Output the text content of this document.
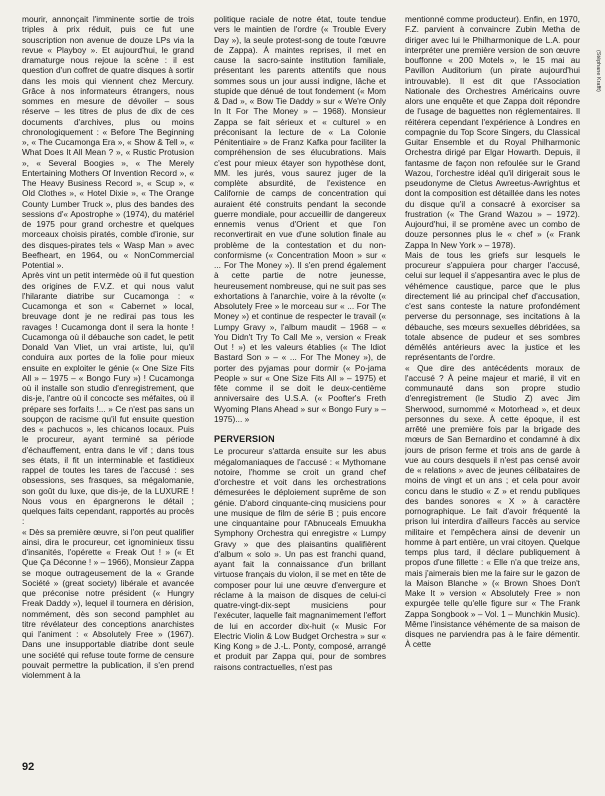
mourir, annonçait l'imminente sortie de trois triples à prix réduit, puis ce fut une souscription non avenue de douze LPs via la revue « Playboy ». Et aujourd'hui, le grand dramaturge nous rejoue la scène : il est question d'un coffret de quatre disques à sortir dans les mois qui viennent chez Mercury. Grâce à nos informateurs étrangers, nous sommes en mesure de dévoiler – sous réserve – les titres de plus de dix de ces documents d'archives, plus ou moins chronologiquement : « Before The Beginning », « The Cucamonga Era », « Show & Tell », « What Does It All Mean ? », « Rustic Protusion », « Several Boogies », « The Merely Entertaining Mothers Of Invention Record », « The Heavy Business Record », « Scup », « Old Clothes », « Hotel Dixie », « The Orange County Lumber Truck », plus des bandes des sessions d'« Apostrophe » (1974), du matériel de 1975 pour grand orchestre et quelques morceaux choisis piratés, comble d'ironie, sur des disques-pirates tels « Wasp Man » avec Beefheart, en 1964, ou « NonCommercial Potential ».

Après vint un petit intermède où il fut question des origines de F.V.Z. et qui nous valut l'hilarante diatribe sur Cucamonga : « Cucamonga et son « Cabernet » local, breuvage dont je ne redirai pas tous les ravages ! Cucamonga dont il sera la honte ! Cucamonga où il débauche son cadet, le petit Donald Van Vliet, un vrai artiste, lui, qu'il conduira aux portes de la folie pour mieux ensuite en exploiter le génie (« One Size Fits All » – 1975 – « Bongo Fury ») ! Cucamonga où il installe son studio d'enregistrement, que dis-je, l'antre où il concocte ses méfaites, où il prépare ses forfaits !... » Ce n'est pas sans un soupçon de racisme qu'il fut ensuite question des « pachucos », les chicanos locaux. Puis le procureur, ayant terminé sa période d'échauffement, entra dans le vif ; dans tous ses états, il fit un interminable et fastidieux rappel de toutes les tares de l'accusé : ses obsessions, ses frasques, sa mégalomanie, son goût du luxe, que dis-je, de la LUXURE ! Nous vous en épargnerons le détail ; quelques faits cependant, rapportés au procès :

« Dès sa première œuvre, si l'on peut qualifier ainsi, dira le procureur, cet ignominieux tissu d'insanités, l'opérette « Freak Out ! » (« Et Que Ça Déconne ! » – 1966), Monsieur Zappa se moque outrageusement de la « Grande Société » (great society) libérale et avancée que préconise notre président (« Hungry Freak Daddy »), lequel il tournera en dérision, nommément, dès son second pamphlet au titre révélateur des conceptions anarchistes qui l'animent : « Absolutely Free » (1967). Dans une insupportable diatribe dont seule une société qui refuse toute forme de censure pouvait permettre la publication, il s'en prend violemment à la

politique raciale de notre état, toute tendue vers le maintien de l'ordre (« Trouble Every Day »), la seule protest-song de toute l'œuvre de Zappa). À maintes reprises, il met en cause la sacro-sainte institution familiale, présentant les parents attentifs que nous sommes sous un jour aussi indigne, lâche et stupide que dénué de tout fondement (« Mom & Dad », « Bow Tie Daddy » sur « We're Only In It For The Money » – 1968). Monsieur Zappa se fait sérieux et « culturel » en préconisant la lecture de « La Colonie Pénitentiaire » de Franz Kafka pour faciliter la compréhension de ses élucubrations. Mais c'est pour mieux étayer son hypothèse dont, MM. les jurés, vous saurez juger de la complète absurdité, de l'existence en Californie de camps de concentration qui auraient été construits pendant la seconde guerre mondiale, pour accueillir de dangereux ennemis venus d'Orient et que l'on reconvertirait en vue d'une solution finale au problème de la contestation et du non-conformisme (« Concentration Moon » sur « ... For The Money »). Il s'en prend également à cette partie de notre jeunesse, heureusement nombreuse, qui ne suit pas ses exhortations à l'anarchie, voire à la révolte (« Absolutely Free » le morceau sur « ... For The Money ») et continue de respecter le travail (« Lumpy Gravy », l'album maudit – 1968 – « You Didn't Try To Call Me », version « Freak Out ! ») et les valeurs établies (« The Idiot Bastard Son » – « ... For The Money »), de porter des pyjamas pour dormir (« Po-jama People » sur « One Size Fits All » – 1975) et fête comme il se doit le deux-centième anniversaire des U.S.A. (« Poofter's Freth Wyoming Plans Ahead » sur « Bongo Fury » – 1975)... »

PERVERSION

Le procureur s'attarda ensuite sur les abus mégalomaniaques de l'accusé : « Mythomane notoire, l'homme se croit un grand chef d'orchestre et voit dans les orchestrations démesurées le déploiement suprême de son génie. D'abord cinquante-cinq musiciens pour une musique de film de série B ; puis encore une cinquantaine pour l'Abnuceals Emuukha Symphony Orchestra qui enregistre « Lumpy Gravy » que des plaisantins qualifièrent d'album « solo ». Un pas est franchi quand, ayant fait la connaissance d'un brillant virtuose français du violon, il se met en tête de composer pour lui une œuvre d'envergure et réclame à la maison de disques de celui-ci quatre-vingt-dix-sept musiciens pour l'exécuter, laquelle fait magnanimement l'effort de lui en accorder dix-huit (« Music For Electric Violin & Low Budget Orchestra » sur « King Kong » de J.-L. Ponty, composé, arrangé et produit par Zappa qui, pour de sombres raisons contractuelles, n'est pas

mentionné comme producteur). Enfin, en 1970, F.Z. parvient à convaincre Zubin Metha de diriger avec lui le Philharmonique de L.A. pour interpréter une première version de son œuvre bouffonne « 200 Motels », le 15 mai au Pavillon Auditorium (un pirate aujourd'hui introuvable). Il est dit que l'Association Nationale des Orchestres Américains ouvre alors une enquête et que Zappa doit répondre de l'usage de baguettes non réglementaires. Il réitérera cependant l'expérience à Londres en compagnie du Top Score Singers, du Classical Guitar Ensemble et du Royal Philharmonic Orchestra dirigé par Elgar Howarth. Depuis, il fantasme de façon non refoulée sur le Grand Wazou, l'orchestre idéal qu'il dirigerait sous le pseudonyme de Cletus Awreetus-Awrightus et dont la composition est détaillée dans les notes du disque qu'il a consacré à exorciser sa frustration (« The Grand Wazou » – 1972). Aujourd'hui, il se promène avec un combo de douze personnes plus le « chef » (« Frank Zappa In New York » – 1978).

Mais de tous les griefs sur lesquels le procureur s'appuiera pour charger l'accusé, celui sur lequel il s'appesantira avec le plus de véhémence caustique, parce que le plus directement lié au principal chef d'accusation, c'est sans conteste la nature profondément perverse du personnage, ses incitations à la débauche, ses mœurs sexuelles débridées, sa totale absence de pudeur et ses sombres démêlés antérieurs avec la justice et les représentants de l'ordre.

« Que dire des antécédents moraux de l'accusé ? À peine majeur et marié, il vit en communauté dans son propre studio d'enregistrement (le Studio Z) avec Jim Sherwood, surnommé « Motorhead », et deux personnes du sexe. À cette époque, il est arrêté une première fois par la brigade des mœurs de San Bernardino et condamné à dix jours de prison ferme et trois ans de garde à vue au cours desquels il n'est pas censé avoir de « relations » avec de jeunes célibataires de moins de vingt et un ans ; et cela pour avoir concu dans le studio « Z » et rendu publiques des bandes sonores « X » à caractère pornographique. Le fait d'avoir fréquenté la prison lui interdira d'ailleurs l'accès au service militaire et l'empêchera ainsi de devenir un homme à part entière, un vrai citoyen. Quelque temps plus tard, il déclare publiquement à propos d'une fillette : « Elle n'a que treize ans, mais j'aimerais bien me la faire sur le gazon de la Maison Blanche » (« Brown Shoes Don't Make It » version « Absolutely Free » non expurgée telle qu'elle figure sur « The Frank Zappa Songbook » – Vol. 1 – Munchkin Music). Même l'insistance véhémente de sa maison de disques ne parviendra pas à le faire démentir. À cette

(Stéphane Krafft)
92
